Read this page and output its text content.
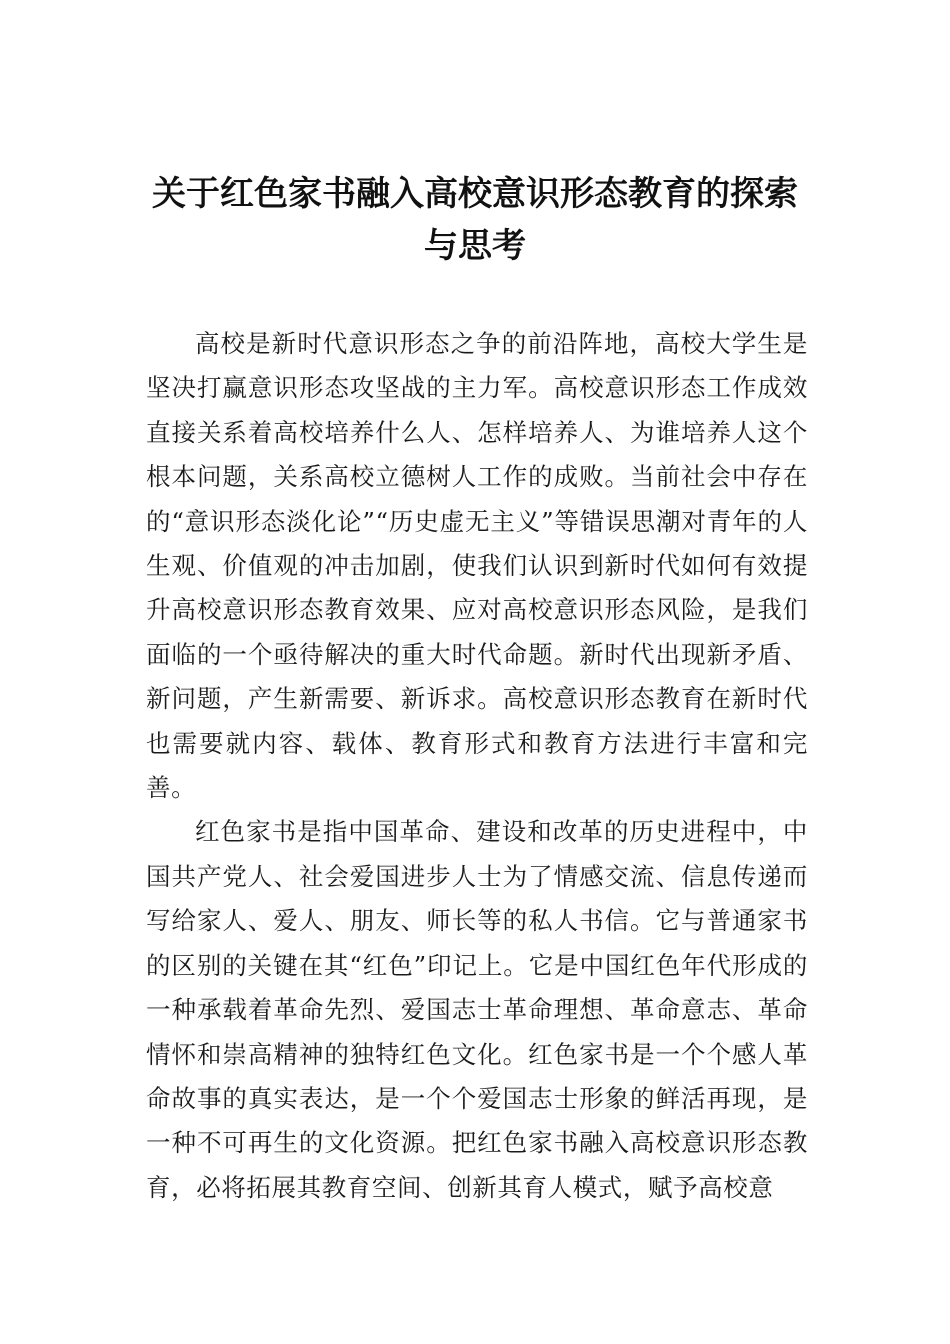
关于红色家书融入高校意识形态教育的探索与思考

高校是新时代意识形态之争的前沿阵地，高校大学生是坚决打赢意识形态攻坚战的主力军。高校意识形态工作成效直接关系着高校培养什么人、怎样培养人、为谁培养人这个根本问题，关系高校立德树人工作的成败。当前社会中存在的“意识形态淡化论”“历史虚无主义”等错误思潮对青年的人生观、价值观的冲击加剧，使我们认识到新时代如何有效提升高校意识形态教育效果、应对高校意识形态风险，是我们面临的一个亟待解决的重大时代命题。新时代出现新矛盾、新问题，产生新需要、新诉求。高校意识形态教育在新时代也需要就内容、载体、教育形式和教育方法进行丰富和完善。

红色家书是指中国革命、建设和改革的历史进程中，中国共产党人、社会爱国进步人士为了情感交流、信息传递而写给家人、爱人、朋友、师长等的私人书信。它与普通家书的区别的关键在其“红色”印记上。它是中国红色年代形成的一种承载着革命先烈、爱国志士革命理想、革命意志、革命情怀和崇高精神的独特红色文化。红色家书是一个个感人革命故事的真实表达，是一个个爱国志士形象的鲜活再现，是一种不可再生的文化资源。把红色家书融入高校意识形态教育，必将拓展其教育空间、创新其育人模式，赋予高校意
